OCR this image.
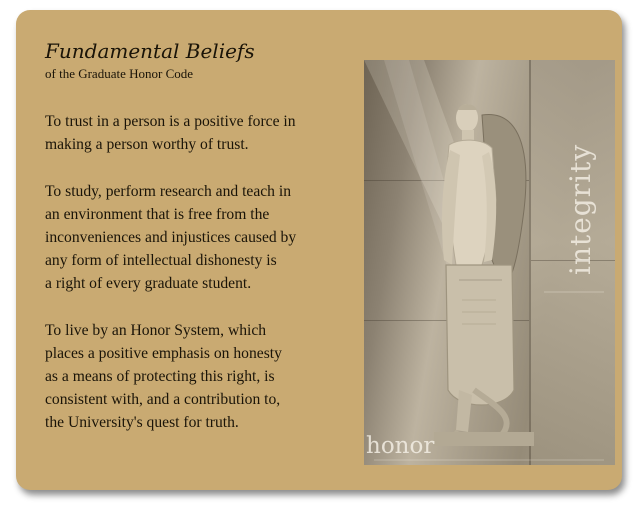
Fundamental Beliefs
of the Graduate Honor Code

To trust in a person is a positive force in
making a person worthy of trust.

To study, perform research and teach in
an environment that is free from the
inconveniences and injustices caused by
any form of intellectual dishonesty is
a right of every graduate student.

To live by an Honor System, which
places a positive emphasis on honesty
as a means of protecting this right, is
consistent with, and a contribution to,
the University's quest for truth.

integrity
honor
